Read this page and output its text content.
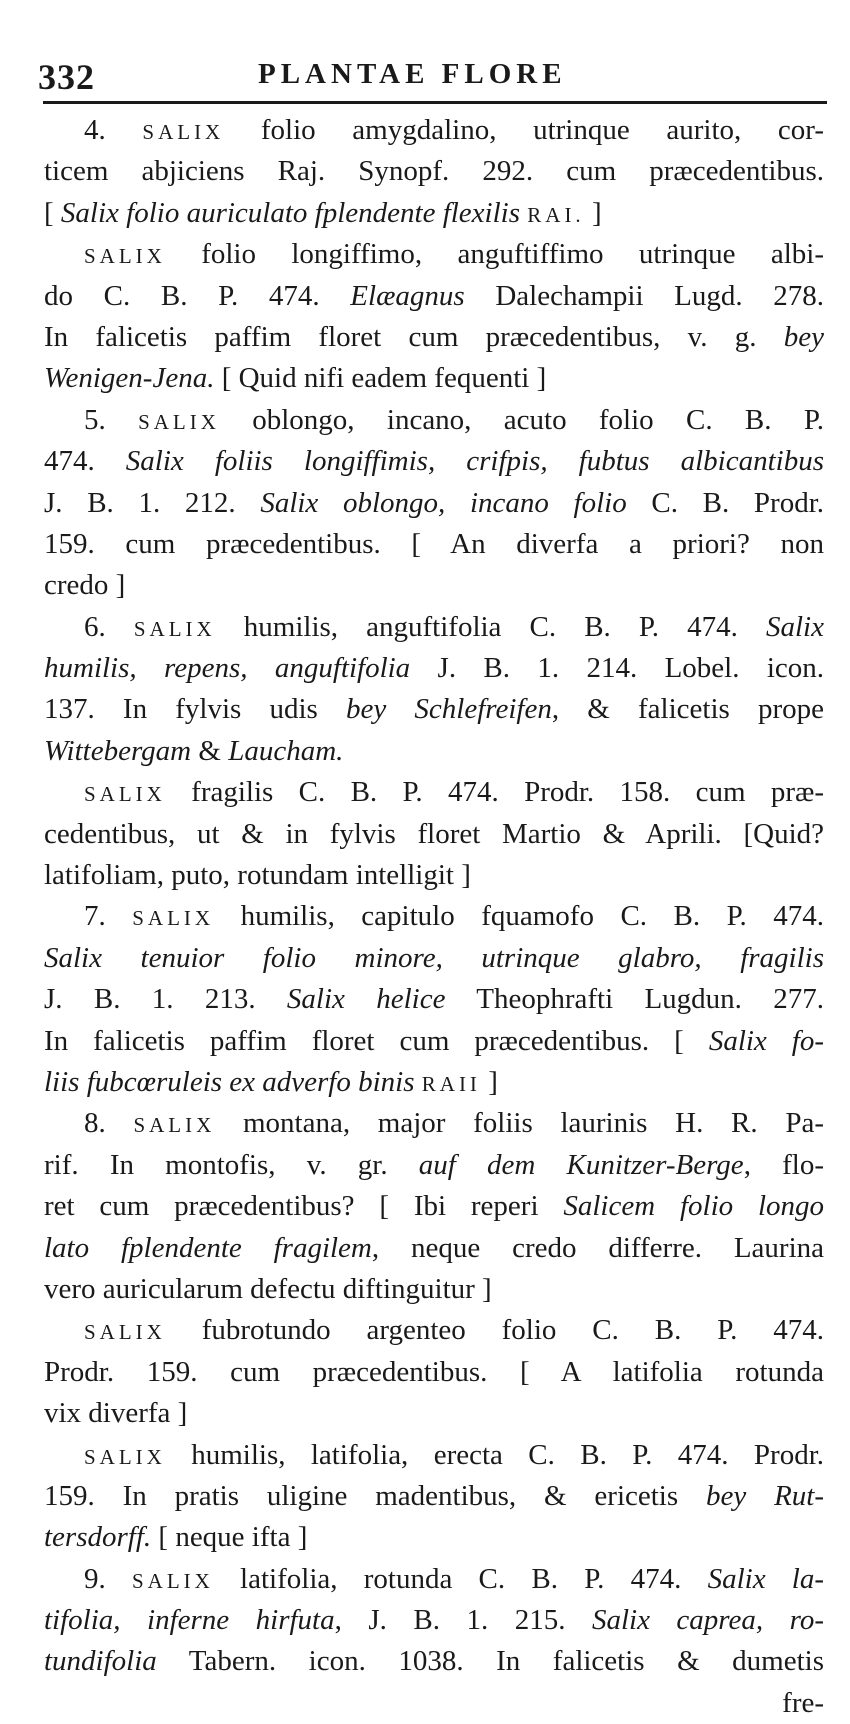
332	PLANTAE FLORE
4. SALIX folio amygdalino, utrinque aurito, cor-
ticem abjiciens Raj. Synopf. 292. cum præcedentibus.
[ Salix folio auriculato fplendente flexilis RAI. ]
SALIX folio longiffimo, anguftiffimo utrinque albi-
do C. B. P. 474. Elæagnus Dalechampii Lugd. 278.
In falicetis paffim floret cum præcedentibus, v. g. bey
Wenigen-Jena. [ Quid nifi eadem fequenti ]
5. SALIX oblongo, incano, acuto folio C. B. P.
474. Salix foliis longiffimis, crifpis, fubtus albicantibus
J. B. 1. 212. Salix oblongo, incano folio C. B. Prodr.
159. cum præcedentibus. [ An diverfa a priori? non
credo ]
6. SALIX humilis, anguftifolia C. B. P. 474. Salix
humilis, repens, anguftifolia J. B. 1. 214. Lobel. icon.
137. In fylvis udis bey Schlefreifen, & falicetis prope
Wittebergam & Laucham.
SALIX fragilis C. B. P. 474. Prodr. 158. cum præ-
cedentibus, ut & in fylvis floret Martio & Aprili. [Quid?
latifoliam, puto, rotundam intelligit ]
7. SALIX humilis, capitulo fquamofo C. B. P. 474.
Salix tenuior folio minore, utrinque glabro, fragilis
J. B. 1. 213. Salix helice Theophrafti Lugdun. 277.
In falicetis paffim floret cum præcedentibus. [ Salix fo-
liis fubcœruleis ex adverfo binis RAII ]
8. SALIX montana, major foliis laurinis H. R. Pa-
rif. In montofis, v. gr. auf dem Kunitzer-Berge, flo-
ret cum præcedentibus? [ Ibi reperi Salicem folio longo
lato fplendente fragilem, neque credo differre. Laurina
vero auricularum defectu diftinguitur ]
SALIX fubrotundo argenteo folio C. B. P. 474.
Prodr. 159. cum præcedentibus. [ A latifolia rotunda
vix diverfa ]
SALIX humilis, latifolia, erecta C. B. P. 474. Prodr.
159. In pratis uligine madentibus, & ericetis bey Rut-
tersdorff. [ neque ifta ]
9. SALIX latifolia, rotunda C. B. P. 474. Salix la-
tifolia, inferne hirfuta, J. B. 1. 215. Salix caprea, ro-
tundifolia Tabern. icon. 1038. In falicetis & dumetis
fre-
